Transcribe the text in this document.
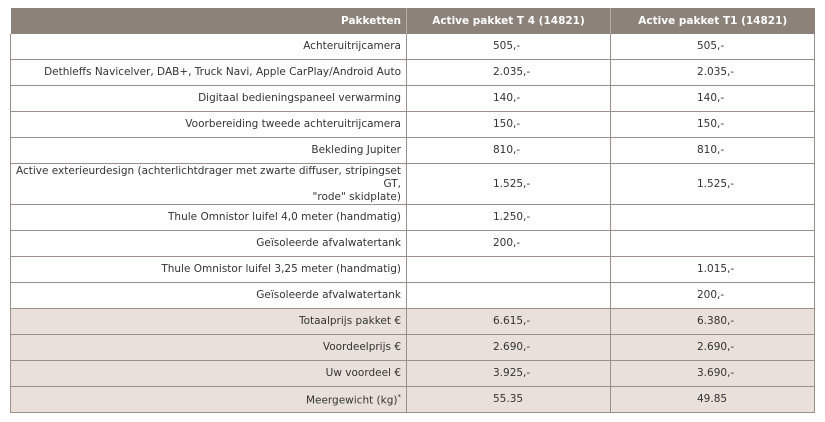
Pakketten	Active pakket T 4 (14821)	Active pakket T1 (14821)
Achteruitrijcamera	505,-	505,-
Dethleffs Navicelver, DAB+, Truck Navi, Apple CarPlay/Android Auto	2.035,-	2.035,-
Digitaal bedieningspaneel verwarming	140,-	140,-
Voorbereiding tweede achteruitrijcamera	150,-	150,-
Bekleding Jupiter	810,-	810,-
Active exterieurdesign (achterlichtdrager met zwarte diffuser, stripingset GT,
"rode" skidplate)	1.525,-	1.525,-
Thule Omnistor luifel 4,0 meter (handmatig)	1.250,-	
Geïsoleerde afvalwatertank	200,-	
Thule Omnistor luifel 3,25 meter (handmatig)		1.015,-
Geïsoleerde afvalwatertank		200,-
Totaalprijs pakket €	6.615,-	6.380,-
Voordeelprijs €	2.690,-	2.690,-
Uw voordeel €	3.925,-	3.690,-
Meergewicht (kg)*	55.35	49.85
